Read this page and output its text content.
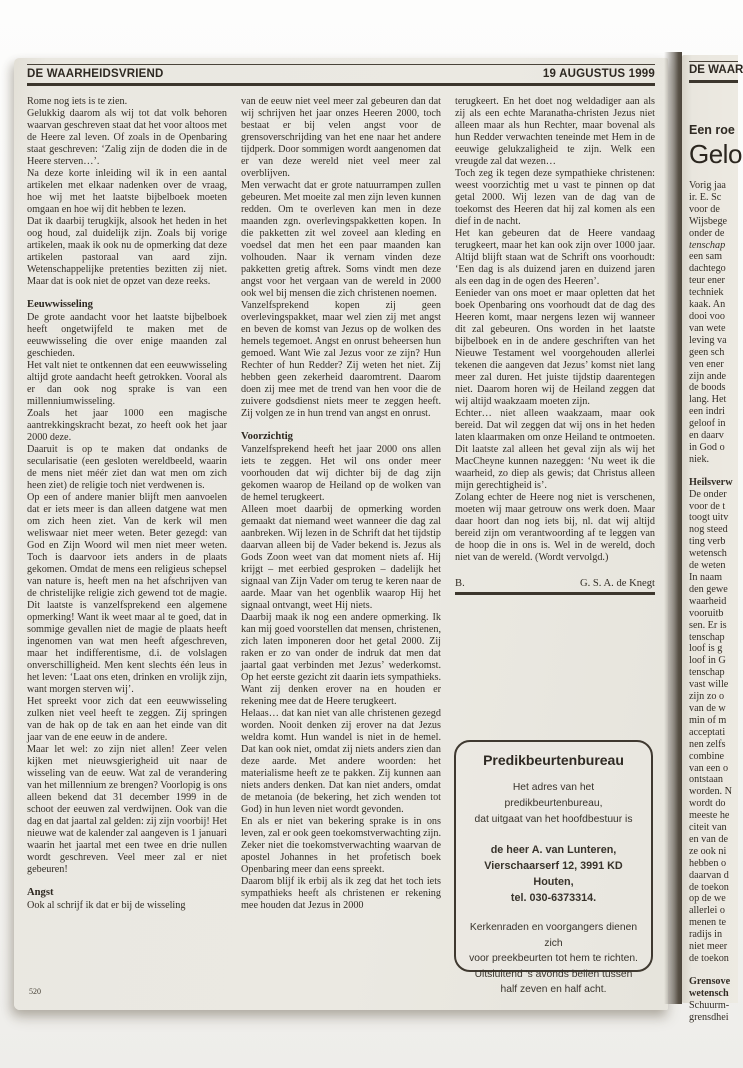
DE WAARHEIDSVRIEND	19 AUGUSTUS 1999

Rome nog iets is te zien.

Gelukkig daarom als wij tot dat volk behoren waarvan geschreven staat dat het voor altoos met de Heere zal leven. Of zoals in de Openbaring staat geschreven: ‘Zalig zijn de doden die in de Heere sterven…’.

Na deze korte inleiding wil ik in een aantal artikelen met elkaar nadenken over de vraag, hoe wij met het laatste bijbelboek moeten omgaan en hoe wij dit hebben te lezen.

Dat ik daarbij terugkijk, alsook het heden in het oog houd, zal duidelijk zijn. Zoals bij vorige artikelen, maak ik ook nu de opmerking dat deze artikelen pastoraal van aard zijn. Wetenschappelijke pretenties bezitten zij niet. Maar dat is ook niet de opzet van deze reeks.

Eeuwwisseling

De grote aandacht voor het laatste bijbelboek heeft ongetwijfeld te maken met de eeuwwisseling die over enige maanden zal geschieden.

Het valt niet te ontkennen dat een eeuwwisseling altijd grote aandacht heeft getrokken. Vooral als er dan ook nog sprake is van een millenniumwisseling.

Zoals het jaar 1000 een magische aantrekkingskracht bezat, zo heeft ook het jaar 2000 deze.

Daaruit is op te maken dat ondanks de secularisatie (een gesloten wereldbeeld, waarin de mens niet méér ziet dan wat men om zich heen ziet) de religie toch niet verdwenen is.

Op een of andere manier blijft men aanvoelen dat er iets meer is dan alleen datgene wat men om zich heen ziet. Van de kerk wil men weliswaar niet meer weten. Beter gezegd: van God en Zijn Woord wil men niet meer weten. Toch is daarvoor iets anders in de plaats gekomen. Omdat de mens een religieus schepsel van nature is, heeft men na het afschrijven van de christelijke religie zich gewend tot de magie. Dit laatste is vanzelfsprekend een algemene opmerking! Want ik weet maar al te goed, dat in sommige gevallen niet de magie de plaats heeft ingenomen van wat men heeft afgeschreven, maar het indifferentisme, d.i. de volslagen onverschilligheid. Men kent slechts één leus in het leven: ‘Laat ons eten, drinken en vrolijk zijn, want morgen sterven wij’.

Het spreekt voor zich dat een eeuwwisseling zulken niet veel heeft te zeggen. Zij springen van de hak op de tak en aan het einde van dit jaar van de ene eeuw in de andere.

Maar let wel: zo zijn niet allen! Zeer velen kijken met nieuwsgierigheid uit naar de wisseling van de eeuw. Wat zal de verandering van het millennium ze brengen? Voorlopig is ons alleen bekend dat 31 december 1999 in de schoot der eeuwen zal verdwijnen. Ook van die dag en dat jaartal zal gelden: zij zijn voorbij! Het nieuwe wat de kalender zal aangeven is 1 januari waarin het jaartal met een twee en drie nullen wordt geschreven. Veel meer zal er niet gebeuren!

Angst

Ook al schrijf ik dat er bij de wisseling

van de eeuw niet veel meer zal gebeuren dan dat wij schrijven het jaar onzes Heeren 2000, toch bestaat er bij velen angst voor de grensoverschrijding van het ene naar het andere tijdperk. Door sommigen wordt aangenomen dat er van deze wereld niet veel meer zal overblijven.

Men verwacht dat er grote natuurrampen zullen gebeuren. Met moeite zal men zijn leven kunnen redden. Om te overleven kan men in deze maanden zgn. overlevingspakketten kopen. In die pakketten zit wel zoveel aan kleding en voedsel dat men het een paar maanden kan volhouden. Naar ik vernam vinden deze pakketten gretig aftrek. Soms vindt men deze angst voor het vergaan van de wereld in 2000 ook wel bij mensen die zich christenen noemen.

Vanzelfsprekend kopen zij geen overlevingspakket, maar wel zien zij met angst en beven de komst van Jezus op de wolken des hemels tegemoet. Angst en onrust beheersen hun gemoed. Want Wie zal Jezus voor ze zijn? Hun Rechter of hun Redder? Zij weten het niet. Zij hebben geen zekerheid daaromtrent. Daarom doen zij mee met de trend van hen voor die de zuivere godsdienst niets meer te zeggen heeft. Zij volgen ze in hun trend van angst en onrust.

Voorzichtig

Vanzelfsprekend heeft het jaar 2000 ons allen iets te zeggen. Het wil ons onder meer voorhouden dat wij dichter bij de dag zijn gekomen waarop de Heiland op de wolken van de hemel terugkeert.

Alleen moet daarbij de opmerking worden gemaakt dat niemand weet wanneer die dag zal aanbreken. Wij lezen in de Schrift dat het tijdstip daarvan alleen bij de Vader bekend is. Jezus als Gods Zoon weet van dat moment niets af. Hij krijgt – met eerbied gesproken – dadelijk het signaal van Zijn Vader om terug te keren naar de aarde. Maar van het ogenblik waarop Hij het signaal ontvangt, weet Hij niets.

Daarbij maak ik nog een andere opmerking. Ik kan mij goed voorstellen dat mensen, christenen, zich laten imponeren door het getal 2000. Zij raken er zo van onder de indruk dat men dat jaartal gaat verbinden met Jezus’ wederkomst. Op het eerste gezicht zit daarin iets sympathieks. Want zij denken erover na en houden er rekening mee dat de Heere terugkeert.

Helaas… dat kan niet van alle christenen gezegd worden. Nooit denken zij erover na dat Jezus weldra komt. Hun wandel is niet in de hemel. Dat kan ook niet, omdat zij niets anders zien dan deze aarde. Met andere woorden: het materialisme heeft ze te pakken. Zij kunnen aan niets anders denken. Dat kan niet anders, omdat de metanoia (de bekering, het zich wenden tot God) in hun leven niet wordt gevonden.

En als er niet van bekering sprake is in ons leven, zal er ook geen toekomstverwachting zijn. Zeker niet die toekomstverwachting waarvan de apostel Johannes in het profetisch boek Openbaring meer dan eens spreekt.

Daarom blijf ik erbij als ik zeg dat het toch iets sympathieks heeft als christenen er rekening mee houden dat Jezus in 2000

terugkeert. En het doet nog weldadiger aan als zij als een echte Maranatha-christen Jezus niet alleen maar als hun Rechter, maar bovenal als hun Redder verwachten teneinde met Hem in de eeuwige gelukzaligheid te zijn. Welk een vreugde zal dat wezen…

Toch zeg ik tegen deze sympathieke christenen: weest voorzichtig met u vast te pinnen op dat getal 2000. Wij lezen van de dag van de toekomst des Heeren dat hij zal komen als een dief in de nacht.

Het kan gebeuren dat de Heere vandaag terugkeert, maar het kan ook zijn over 1000 jaar. Altijd blijft staan wat de Schrift ons voorhoudt: ‘Een dag is als duizend jaren en duizend jaren als een dag in de ogen des Heeren’.

Eenieder van ons moet er maar opletten dat het boek Openbaring ons voorhoudt dat de dag des Heeren komt, maar nergens lezen wij wanneer dit zal gebeuren. Ons worden in het laatste bijbelboek en in de andere geschriften van het Nieuwe Testament wel voorgehouden allerlei tekenen die aangeven dat Jezus’ komst niet lang meer zal duren. Het juiste tijdstip daarentegen niet. Daarom horen wij de Heiland zeggen dat wij altijd waakzaam moeten zijn.

Echter… niet alleen waakzaam, maar ook bereid. Dat wil zeggen dat wij ons in het heden laten klaarmaken om onze Heiland te ontmoeten. Dit laatste zal alleen het geval zijn als wij het MacCheyne kunnen nazeggen: ‘Nu weet ik die waarheid, zo diep als gewis; dat Christus alleen mijn gerechtigheid is’.

Zolang echter de Heere nog niet is verschenen, moeten wij maar getrouw ons werk doen. Maar daar hoort dan nog iets bij, nl. dat wij altijd bereid zijn om verantwoording af te leggen van de hoop die in ons is. Wel in de wereld, doch niet van de wereld. (Wordt vervolgd.)

B.	G. S. A. de Knegt
Predikbeurtenbureau
Het adres van het predikbeurtenbureau,
dat uitgaat van het hoofdbestuur is
de heer A. van Lunteren,
Vierschaarserf 12, 3991 KD Houten,
tel. 030-6373314.
Kerkenraden en voorgangers dienen zich
voor preekbeurten tot hem te richten.
Uitsluitend ’s avonds bellen tussen
half zeven en half acht.
520
DE WAAR
Een roe
Gelo
Vorig jaa
ir. E. Sc
voor de
Wijsbege
onder de
tenschap
een sam
dachtego
teur ener
techniek
kaak. An
dooi voo
van wete
leving va
geen sch
ven ener
zijn ande
de boods
lang. Het
een indri
geloof in
en daarv
in God o
niek.
Heilsverw
De onder
voor de t
toogt uitv
nog steed
ting verb
wetensch
de weten
In naam
den gewe
waarheid
vooruitb
sen. Er is
tenschap
loof is g
loof in G
tenschap
vast wille
zijn zo o
van de w
min of m
acceptati
nen zelfs
combine
van een o
ontstaan
worden. N
wordt do
meeste he
citeit van
en van de
ze ook ni
hebben o
daarvan d
de toekon
op de we
allerlei o
menen te
radijs in
niet meer
de toekon
Grensove
wetensch
Schuurm-
grensdhei
